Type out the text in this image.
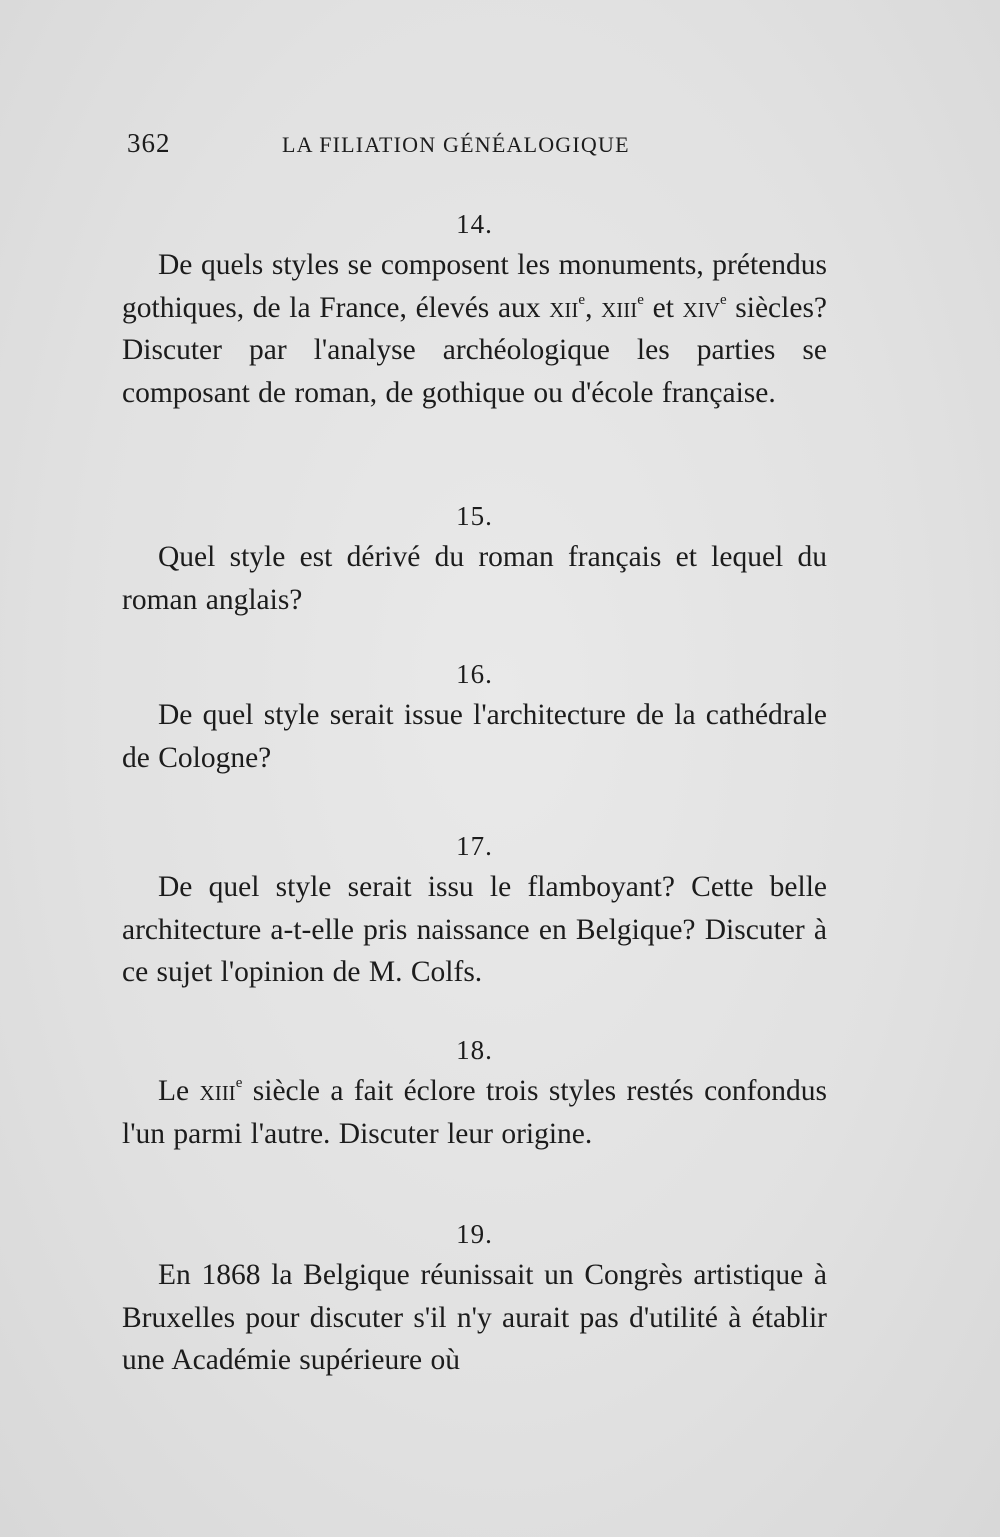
362	LA FILIATION GÉNÉALOGIQUE
14.

De quels styles se composent les monuments, prétendus gothiques, de la France, élevés aux xii$^e$, xiii$^e$ et xiv$^e$ siècles? Discuter par l'analyse archéologique les parties se composant de roman, de gothique ou d'école française.

15.

Quel style est dérivé du roman français et lequel du roman anglais?

16.

De quel style serait issue l'architecture de la cathédrale de Cologne?

17.

De quel style serait issu le flamboyant? Cette belle architecture a-t-elle pris naissance en Belgique? Discuter à ce sujet l'opinion de M. Colfs.

18.

Le xiii$^e$ siècle a fait éclore trois styles restés confondus l'un parmi l'autre. Discuter leur origine.

19.

En 1868 la Belgique réunissait un Congrès artistique à Bruxelles pour discuter s'il n'y aurait pas d'utilité à établir une Académie supérieure où
